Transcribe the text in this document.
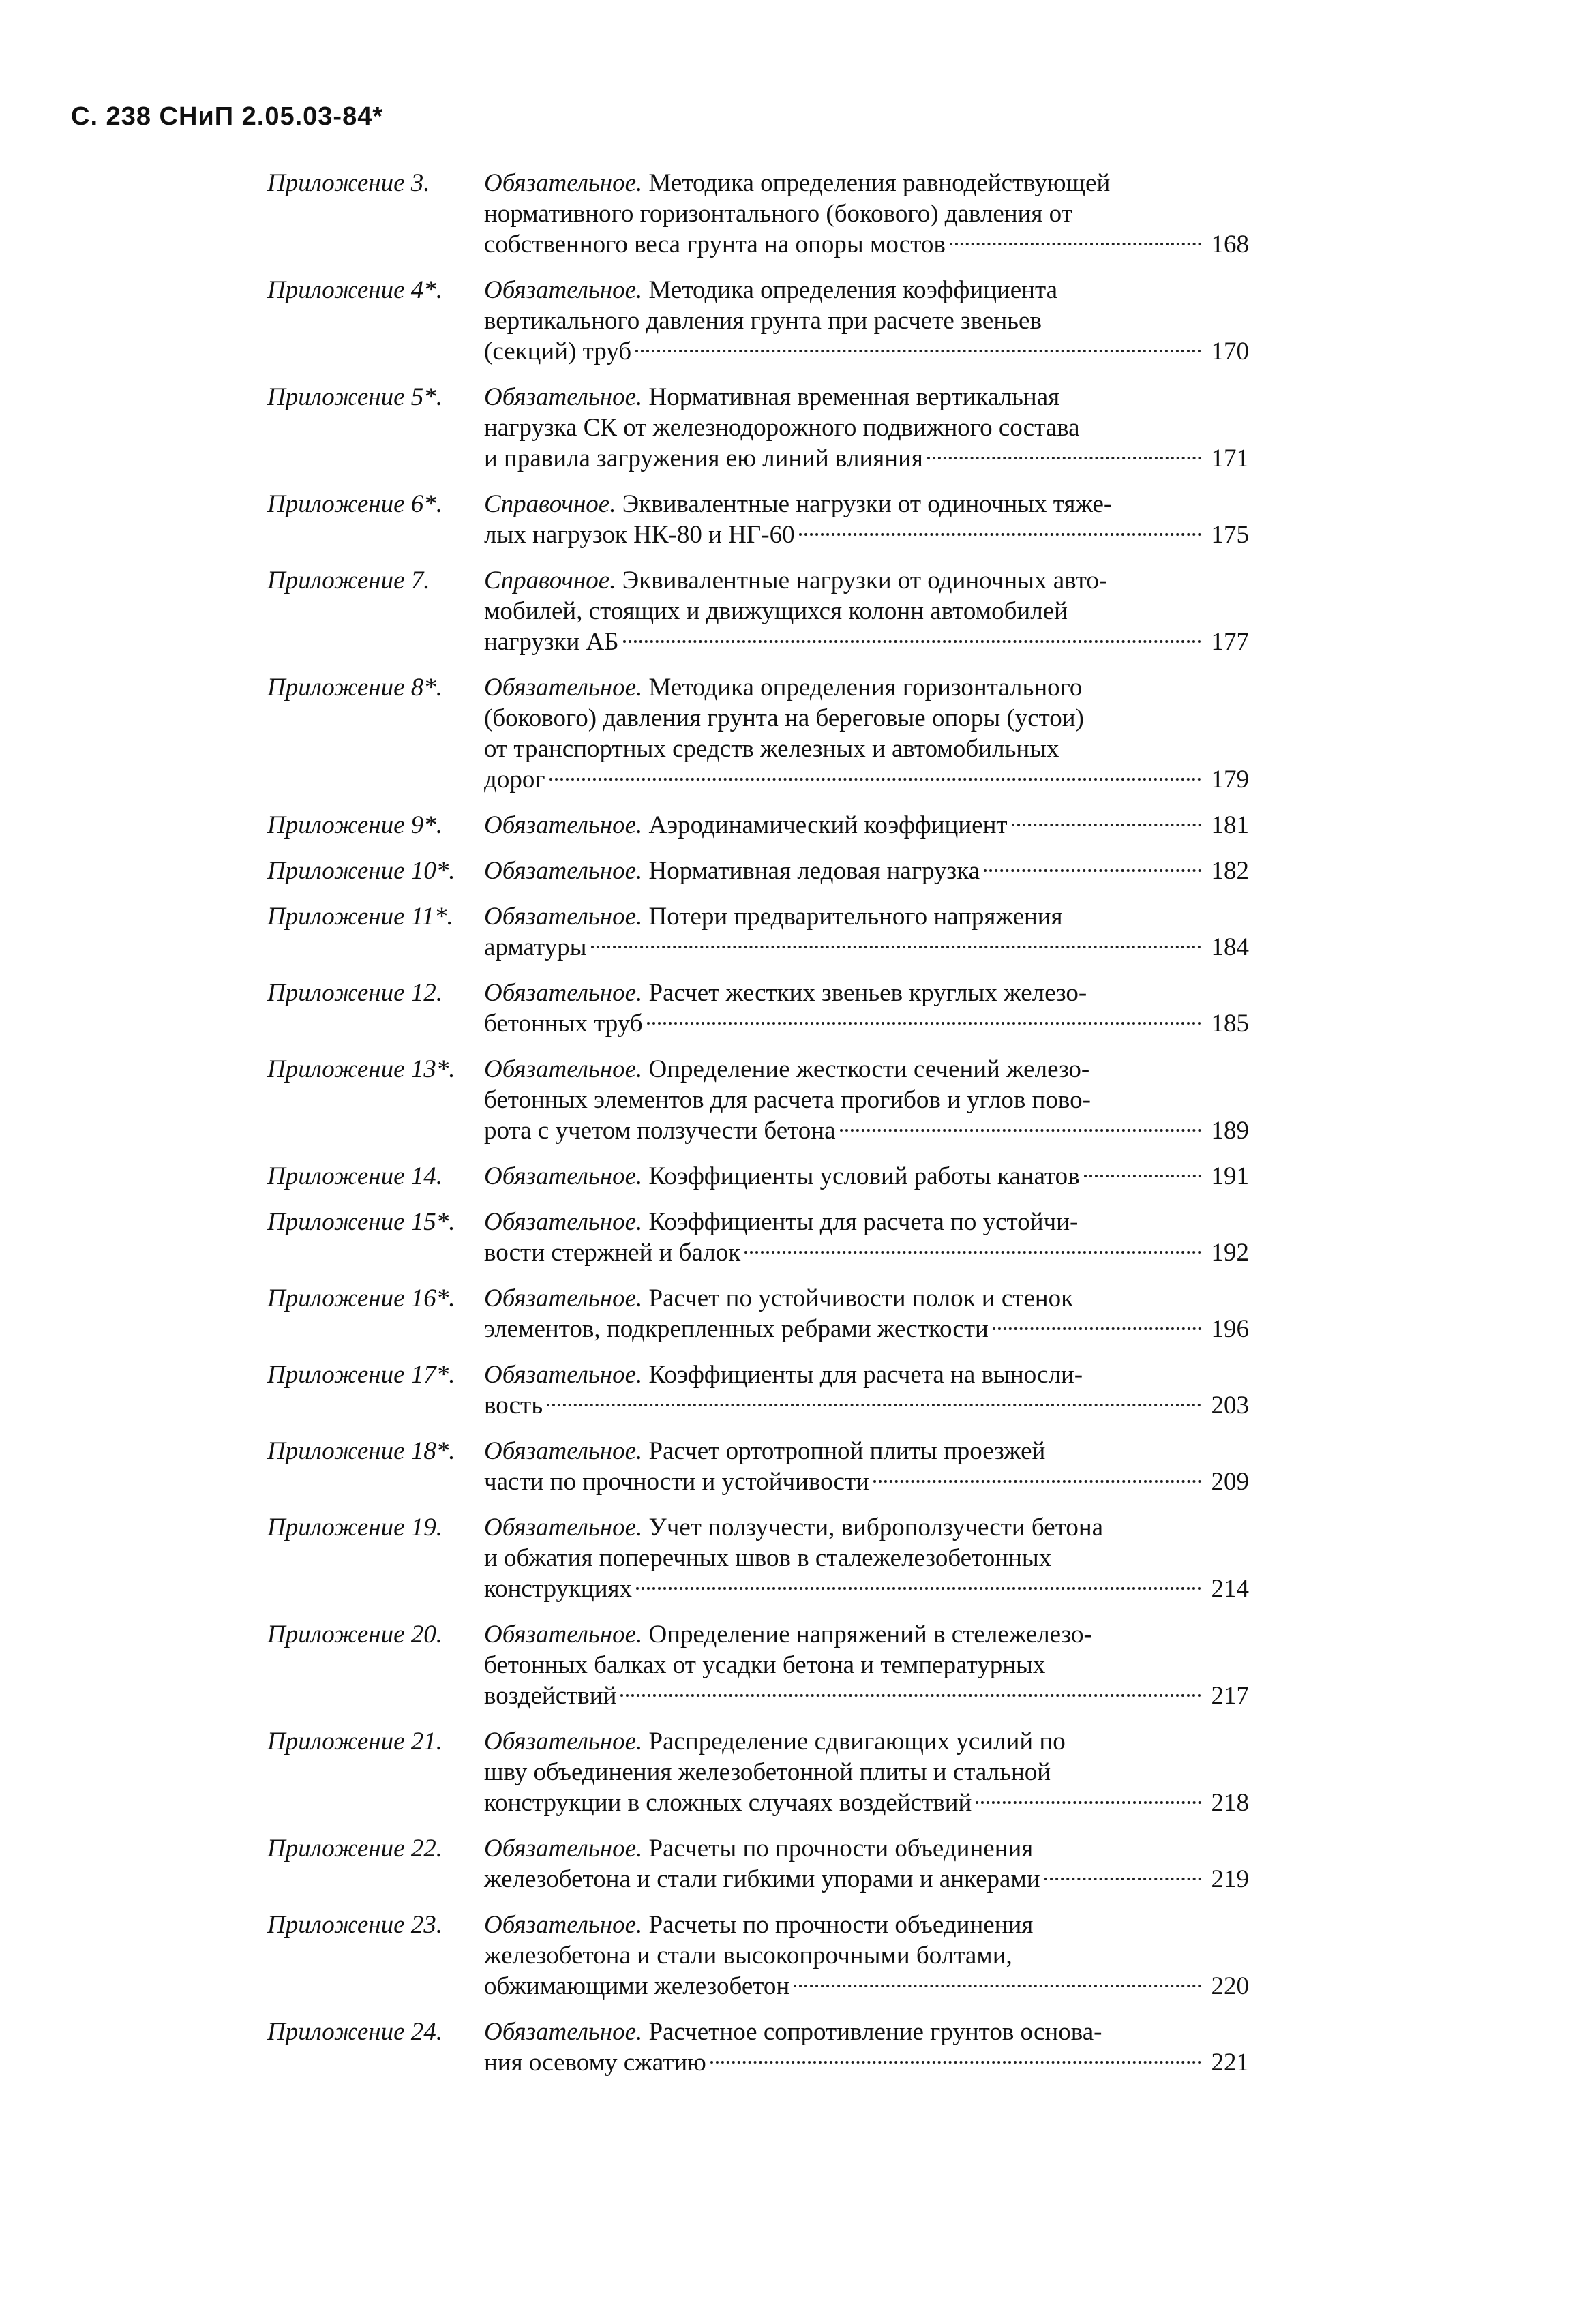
С. 238 СНиП 2.05.03-84*
Приложение 3.	Обязательное. Методика определения равнодействующей
нормативного горизонтального (бокового) давления от
собственного веса грунта на опоры мостов	168
Приложение 4*.	Обязательное. Методика определения коэффициента
вертикального давления грунта при расчете звеньев
(секций) труб	170
Приложение 5*.	Обязательное. Нормативная временная вертикальная
нагрузка СК от железнодорожного подвижного состава
и правила загружения ею линий влияния	171
Приложение 6*.	Справочное. Эквивалентные нагрузки от одиночных тяже-
лых нагрузок НК-80 и НГ-60	175
Приложение 7.	Справочное. Эквивалентные нагрузки от одиночных авто-
мобилей, стоящих и движущихся колонн автомобилей
нагрузки АБ	177
Приложение 8*.	Обязательное. Методика определения горизонтального
(бокового) давления грунта на береговые опоры (устои)
от транспортных средств железных и автомобильных
дорог	179
Приложение 9*.	Обязательное. Аэродинамический коэффициент	181
Приложение 10*.	Обязательное. Нормативная ледовая нагрузка	182
Приложение 11*.	Обязательное. Потери предварительного напряжения
арматуры	184
Приложение 12.	Обязательное. Расчет жестких звеньев круглых железо-
бетонных труб	185
Приложение 13*.	Обязательное. Определение жесткости сечений железо-
бетонных элементов для расчета прогибов и углов пово-
рота с учетом ползучести бетона	189
Приложение 14.	Обязательное. Коэффициенты условий работы канатов	191
Приложение 15*.	Обязательное. Коэффициенты для расчета по устойчи-
вости стержней и балок	192
Приложение 16*.	Обязательное. Расчет по устойчивости полок и стенок
элементов, подкрепленных ребрами жесткости	196
Приложение 17*.	Обязательное. Коэффициенты для расчета на выносли-
вость	203
Приложение 18*.	Обязательное. Расчет ортотропной плиты проезжей
части по прочности и устойчивости	209
Приложение 19.	Обязательное. Учет ползучести, виброползучести бетона
и обжатия поперечных швов в сталежелезобетонных
конструкциях	214
Приложение 20.	Обязательное. Определение напряжений в стележелезо-
бетонных балках от усадки бетона и температурных
воздействий	217
Приложение 21.	Обязательное. Распределение сдвигающих усилий по
шву объединения железобетонной плиты и стальной
конструкции в сложных случаях воздействий	218
Приложение 22.	Обязательное. Расчеты по прочности объединения
железобетона и стали гибкими упорами и анкерами	219
Приложение 23.	Обязательное. Расчеты по прочности объединения
железобетона и стали высокопрочными болтами,
обжимающими железобетон	220
Приложение 24.	Обязательное. Расчетное сопротивление грунтов основа-
ния осевому сжатию	221
